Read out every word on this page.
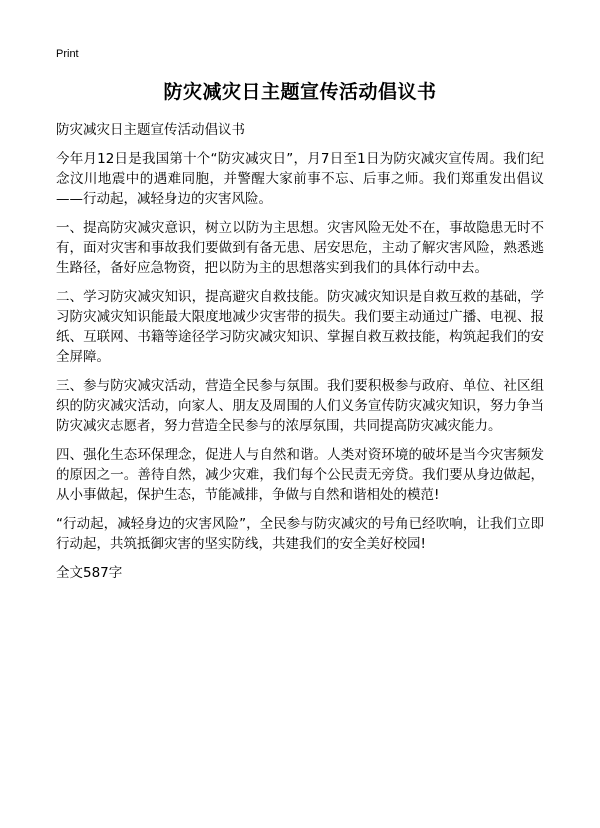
Print
防灾减灾日主题宣传活动倡议书

防灾减灾日主题宣传活动倡议书

今年月12日是我国第十个“防灾减灾日”，月7日至1日为防灾减灾宣传周。我们纪念汶川地震中的遇难同胞，并警醒大家前事不忘、后事之师。我们郑重发出倡议——行动起，减轻身边的灾害风险。

一、提高防灾减灾意识，树立以防为主思想。灾害风险无处不在，事故隐患无时不有，面对灾害和事故我们要做到有备无患、居安思危，主动了解灾害风险，熟悉逃生路径，备好应急物资，把以防为主的思想落实到我们的具体行动中去。

二、学习防灾减灾知识，提高避灾自救技能。防灾减灾知识是自救互救的基础，学习防灾减灾知识能最大限度地减少灾害带的损失。我们要主动通过广播、电视、报纸、互联网、书籍等途径学习防灾减灾知识、掌握自救互救技能，构筑起我们的安全屏障。

三、参与防灾减灾活动，营造全民参与氛围。我们要积极参与政府、单位、社区组织的防灾减灾活动，向家人、朋友及周围的人们义务宣传防灾减灾知识，努力争当防灾减灾志愿者，努力营造全民参与的浓厚氛围，共同提高防灾减灾能力。

四、强化生态环保理念，促进人与自然和谐。人类对资环境的破坏是当今灾害频发的原因之一。善待自然，减少灾难，我们每个公民责无旁贷。我们要从身边做起，从小事做起，保护生态，节能减排，争做与自然和谐相处的模范!

“行动起，减轻身边的灾害风险”，全民参与防灾减灾的号角已经吹响，让我们立即行动起，共筑抵御灾害的坚实防线，共建我们的安全美好校园!

全文587字
